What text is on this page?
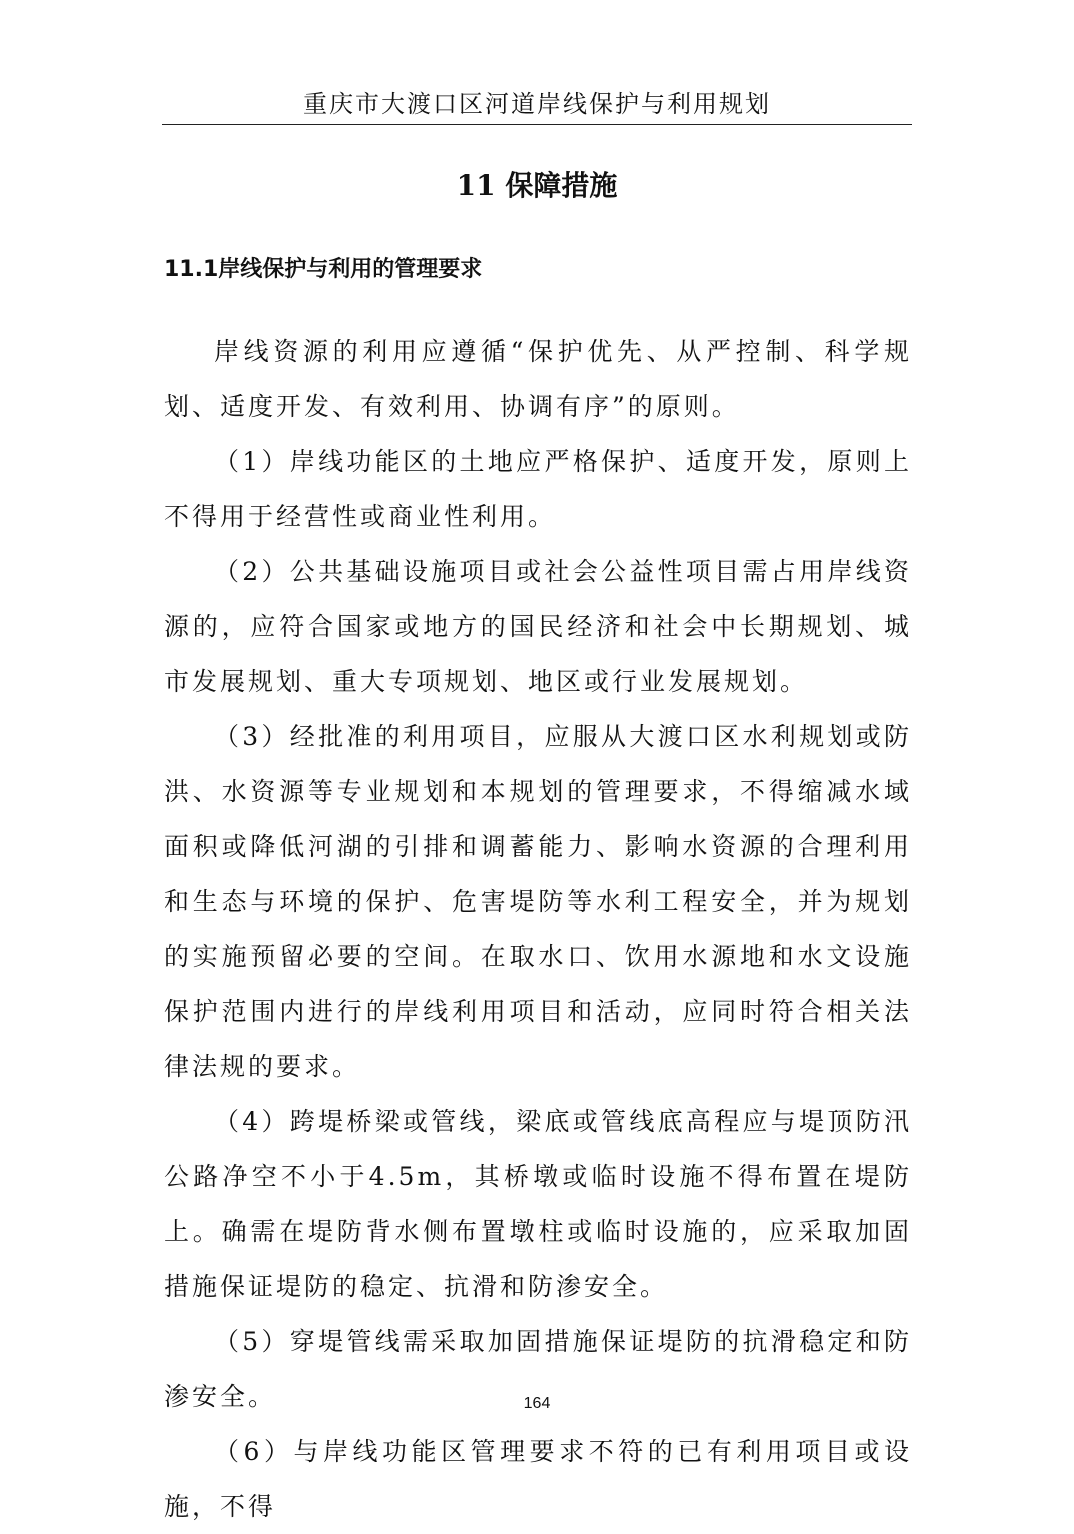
重庆市大渡口区河道岸线保护与利用规划
11 保障措施
11.1岸线保护与利用的管理要求

岸线资源的利用应遵循“保护优先、从严控制、科学规划、适度开发、有效利用、协调有序”的原则。

（1）岸线功能区的土地应严格保护、适度开发，原则上不得用于经营性或商业性利用。

（2）公共基础设施项目或社会公益性项目需占用岸线资源的，应符合国家或地方的国民经济和社会中长期规划、城市发展规划、重大专项规划、地区或行业发展规划。

（3）经批准的利用项目，应服从大渡口区水利规划或防洪、水资源等专业规划和本规划的管理要求，不得缩减水域面积或降低河湖的引排和调蓄能力、影响水资源的合理利用和生态与环境的保护、危害堤防等水利工程安全，并为规划的实施预留必要的空间。在取水口、饮用水源地和水文设施保护范围内进行的岸线利用项目和活动，应同时符合相关法律法规的要求。

（4）跨堤桥梁或管线，梁底或管线底高程应与堤顶防汛公路净空不小于4.5m，其桥墩或临时设施不得布置在堤防上。确需在堤防背水侧布置墩柱或临时设施的，应采取加固措施保证堤防的稳定、抗滑和防渗安全。

（5）穿堤管线需采取加固措施保证堤防的抗滑稳定和防渗安全。

（6）与岸线功能区管理要求不符的已有利用项目或设施，不得

164
